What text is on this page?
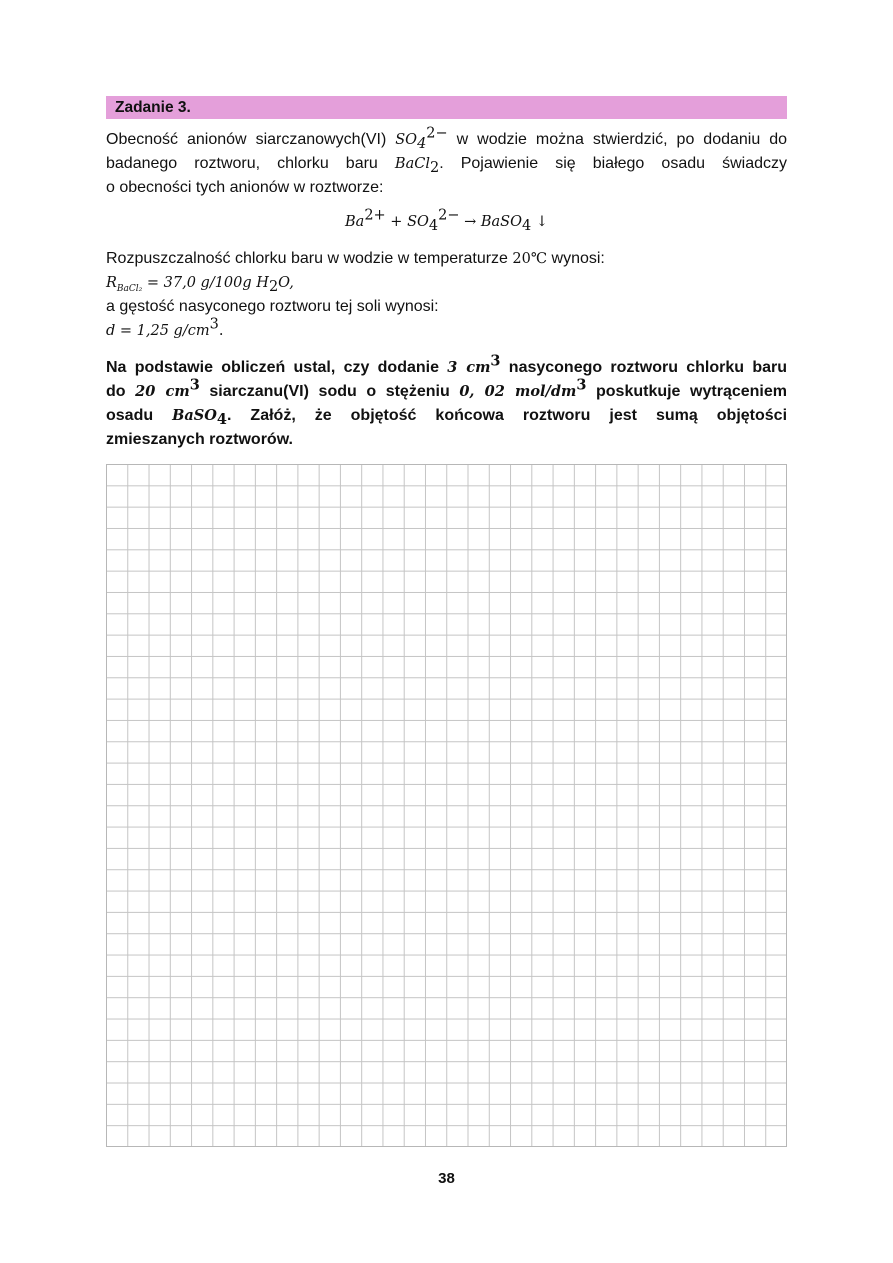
Zadanie 3.
Obecność anionów siarczanowych(VI) $SO_4^{2-}$ w wodzie można stwierdzić, po dodaniu do
badanego roztworu, chlorku baru BaCl$_2$. Pojawienie się białego osadu świadczy
o obecności tych anionów w roztworze:
$Ba^{2+} + SO_4^{2-}$ → BaSO$_4$ ↓
Rozpuszczalność chlorku baru w wodzie w temperaturze 20℃ wynosi:
$R_{BaCl_2} = 37,0$ g/100g $H_2O$,
a gęstość nasyconego roztworu tej soli wynosi:
d = 1,25 $g/cm^3$.
Na podstawie obliczeń ustal, czy dodanie 3 $cm^3$ nasyconego roztworu chlorku baru
do 20 $cm^3$ siarczanu(VI) sodu o stężeniu 0, 02 mol/$dm^3$ poskutkuje wytrąceniem
osadu BaSO$_4$. Załóż, że objętość końcowa roztworu jest sumą objętości
zmieszanych roztworów.
38
